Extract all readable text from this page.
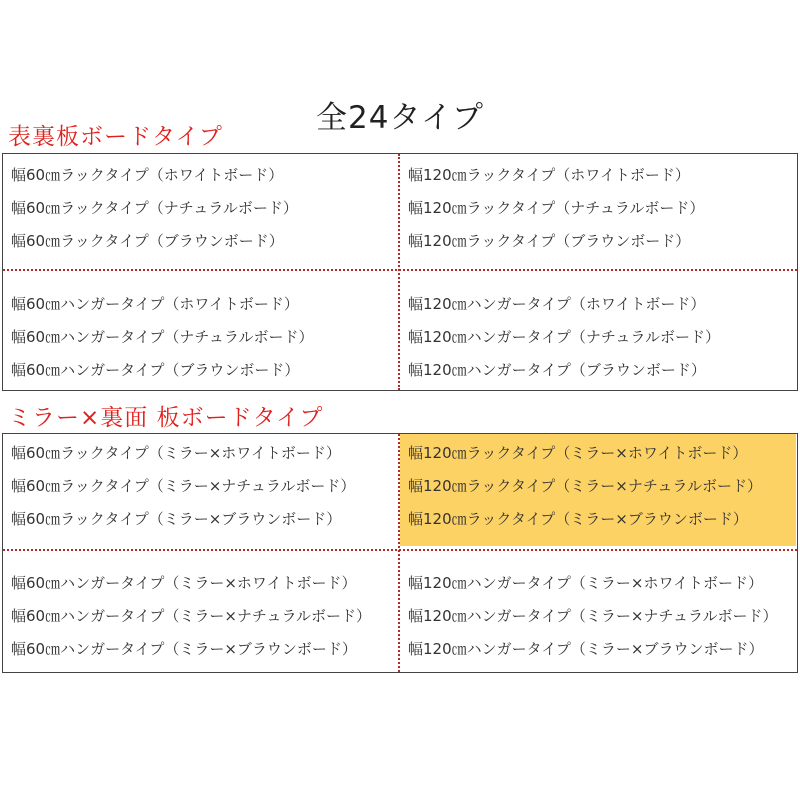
全24タイプ
表裏板ボードタイプ
幅60㎝ラックタイプ（ホワイトボード）
幅60㎝ラックタイプ（ナチュラルボード）
幅60㎝ラックタイプ（ブラウンボード）
幅120㎝ラックタイプ（ホワイトボード）
幅120㎝ラックタイプ（ナチュラルボード）
幅120㎝ラックタイプ（ブラウンボード）
幅60㎝ハンガータイプ（ホワイトボード）
幅60㎝ハンガータイプ（ナチュラルボード）
幅60㎝ハンガータイプ（ブラウンボード）
幅120㎝ハンガータイプ（ホワイトボード）
幅120㎝ハンガータイプ（ナチュラルボード）
幅120㎝ハンガータイプ（ブラウンボード）
ミラー×裏面 板ボードタイプ
幅60㎝ラックタイプ（ミラー×ホワイトボード）
幅60㎝ラックタイプ（ミラー×ナチュラルボード）
幅60㎝ラックタイプ（ミラー×ブラウンボード）
幅120㎝ラックタイプ（ミラー×ホワイトボード）
幅120㎝ラックタイプ（ミラー×ナチュラルボード）
幅120㎝ラックタイプ（ミラー×ブラウンボード）
幅60㎝ハンガータイプ（ミラー×ホワイトボード）
幅60㎝ハンガータイプ（ミラー×ナチュラルボード）
幅60㎝ハンガータイプ（ミラー×ブラウンボード）
幅120㎝ハンガータイプ（ミラー×ホワイトボード）
幅120㎝ハンガータイプ（ミラー×ナチュラルボード）
幅120㎝ハンガータイプ（ミラー×ブラウンボード）
